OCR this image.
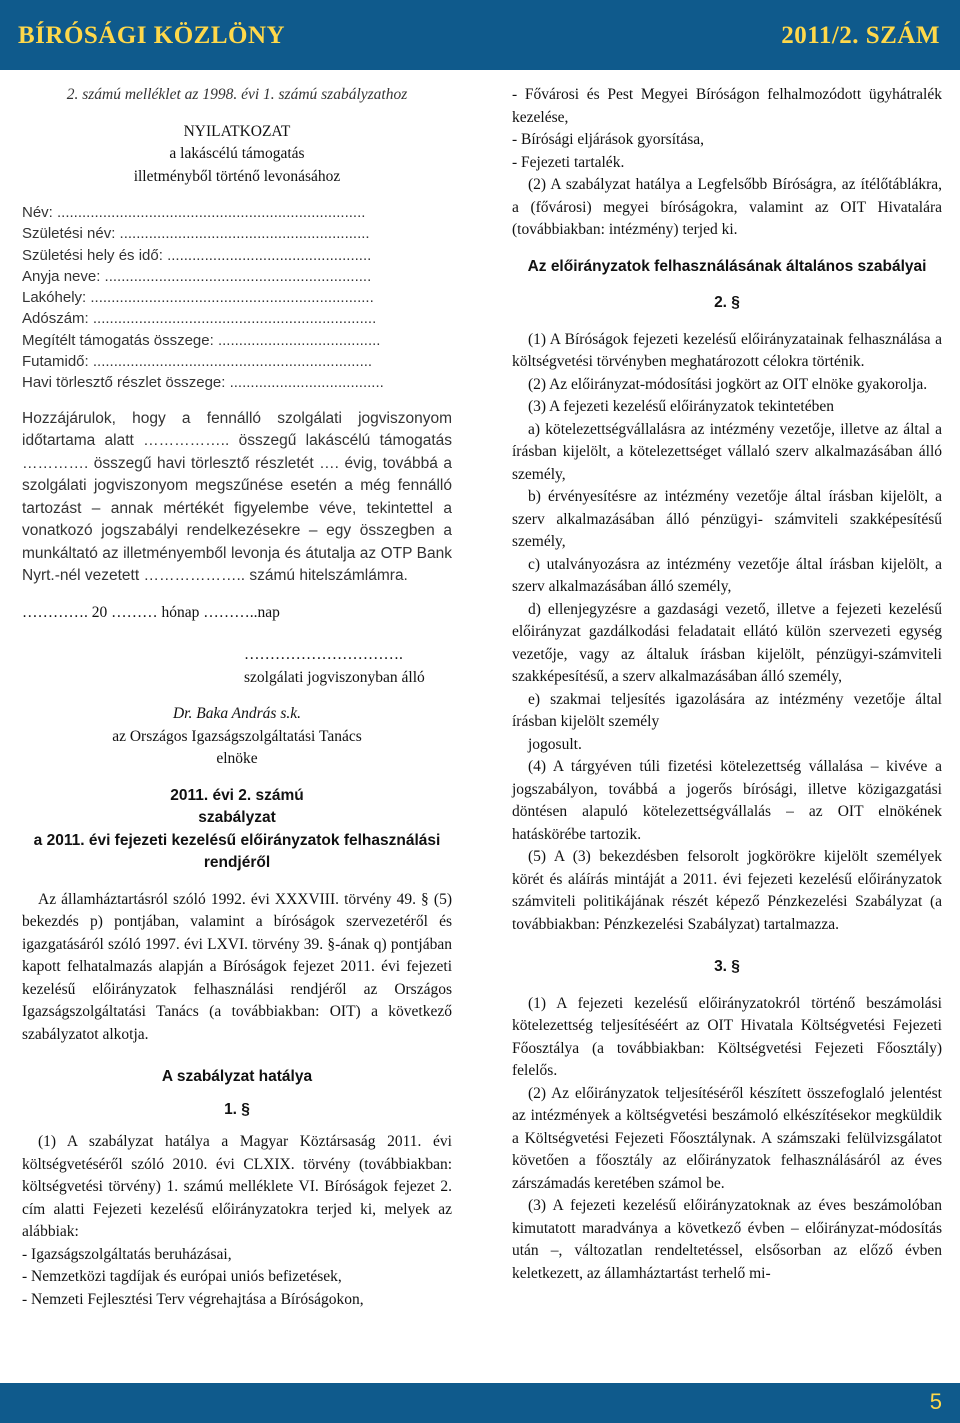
BÍRÓSÁGI KÖZLÖNY	2011/2. SZÁM

2. számú melléklet az 1998. évi 1. számú szabályzathoz

NYILATKOZAT

a lakáscélú támogatás

illetményből történő levonásához

Név: ..........................................................................

Születési név: ............................................................

Születési hely és idő: .................................................

Anyja neve: ................................................................

Lakóhely: ....................................................................

Adószám: ....................................................................

Megítélt támogatás összege: .......................................

Futamidő: ...................................................................

Havi törlesztő részlet összege: .....................................

Hozzájárulok, hogy a fennálló szolgálati jogviszonyom időtartama alatt …………….. összegű lakáscélú támogatás …………. összegű havi törlesztő részletét …. évig, továbbá a szolgálati jogviszonyom megszűnése esetén a még fennálló tartozást – annak mértékét figyelembe véve, tekintettel a vonatkozó jogszabályi rendelkezésekre – egy összegben a munkáltató az illetményemből levonja és átutalja az OTP Bank Nyrt.-nél vezetett ……………….. számú hitelszámlámra.

…………. 20 ……… hónap ………..nap

………………………….

szolgálati jogviszonyban álló

Dr. Baka András s.k.

az Országos Igazságszolgáltatási Tanács

elnöke

2011. évi 2. számú

szabályzat

a 2011. évi fejezeti kezelésű előirányzatok felhasználási

rendjéről

Az államháztartásról szóló 1992. évi XXXVIII. törvény 49. § (5) bekezdés p) pontjában, valamint a bíróságok szervezetéről és igazgatásáról szóló 1997. évi LXVI. törvény 39. §-ának q) pontjában kapott felhatalmazás alapján a Bíróságok fejezet 2011. évi fejezeti kezelésű előirányzatok felhasználási rendjéről az Országos Igazságszolgáltatási Tanács (a továbbiakban: OIT) a következő szabályzatot alkotja.

A szabályzat hatálya

1. §

(1) A szabályzat hatálya a Magyar Köztársaság 2011. évi költségvetéséről szóló 2010. évi CLXIX. törvény (továbbiakban: költségvetési törvény) 1. számú melléklete VI. Bíróságok fejezet 2. cím alatti Fejezeti kezelésű előirányzatokra terjed ki, melyek az alábbiak:

- Igazságszolgáltatás beruházásai,

- Nemzetközi tagdíjak és európai uniós befizetések,

- Nemzeti Fejlesztési Terv végrehajtása a Bíróságokon,

- Fővárosi és Pest Megyei Bíróságon felhalmozódott ügyhátralék kezelése,

- Bírósági eljárások gyorsítása,

- Fejezeti tartalék.

(2) A szabályzat hatálya a Legfelsőbb Bíróságra, az ítélőtáblákra, a (fővárosi) megyei bíróságokra, valamint az OIT Hivatalára (továbbiakban: intézmény) terjed ki.

Az előirányzatok felhasználásának általános szabályai

2. §

(1) A Bíróságok fejezeti kezelésű előirányzatainak felhasználása a költségvetési törvényben meghatározott célokra történik.

(2) Az előirányzat-módosítási jogkört az OIT elnöke gyakorolja.

(3) A fejezeti kezelésű előirányzatok tekintetében

a) kötelezettségvállalásra az intézmény vezetője, illetve az által a írásban kijelölt, a kötelezettséget vállaló szerv alkalmazásában álló személy,

b) érvényesítésre az intézmény vezetője által írásban kijelölt, a szerv alkalmazásában álló pénzügyi- számviteli szakképesítésű személy,

c) utalványozásra az intézmény vezetője által írásban kijelölt, a szerv alkalmazásában álló személy,

d) ellenjegyzésre a gazdasági vezető, illetve a fejezeti kezelésű előirányzat gazdálkodási feladatait ellátó külön szervezeti egység vezetője, vagy az általuk írásban kijelölt, pénzügyi-számviteli szakképesítésű, a szerv alkalmazásában álló személy,

e) szakmai teljesítés igazolására az intézmény vezetője által írásban kijelölt személy

jogosult.

(4) A tárgyéven túli fizetési kötelezettség vállalása – kivéve a jogszabályon, továbbá a jogerős bírósági, illetve közigazgatási döntésen alapuló kötelezettségvállalás – az OIT elnökének hatáskörébe tartozik.

(5) A (3) bekezdésben felsorolt jogkörökre kijelölt személyek körét és aláírás mintáját a 2011. évi fejezeti kezelésű előirányzatok számviteli politikájának részét képező Pénzkezelési Szabályzat (a továbbiakban: Pénzkezelési Szabályzat) tartalmazza.

3. §

(1) A fejezeti kezelésű előirányzatokról történő beszámolási kötelezettség teljesítéséért az OIT Hivatala Költségvetési Fejezeti Főosztálya (a továbbiakban: Költségvetési Fejezeti Főosztály) felelős.

(2) Az előirányzatok teljesítéséről készített összefoglaló jelentést az intézmények a költségvetési beszámoló elkészítésekor megküldik a Költségvetési Fejezeti Főosztálynak. A számszaki felülvizsgálatot követően a főosztály az előirányzatok felhasználásáról az éves zárszámadás keretében számol be.

(3) A fejezeti kezelésű előirányzatoknak az éves beszámolóban kimutatott maradványa a következő évben – előirányzat-módosítás után –, változatlan rendeltetéssel, elsősorban az előző évben keletkezett, az államháztartást terhelő mi-

5
